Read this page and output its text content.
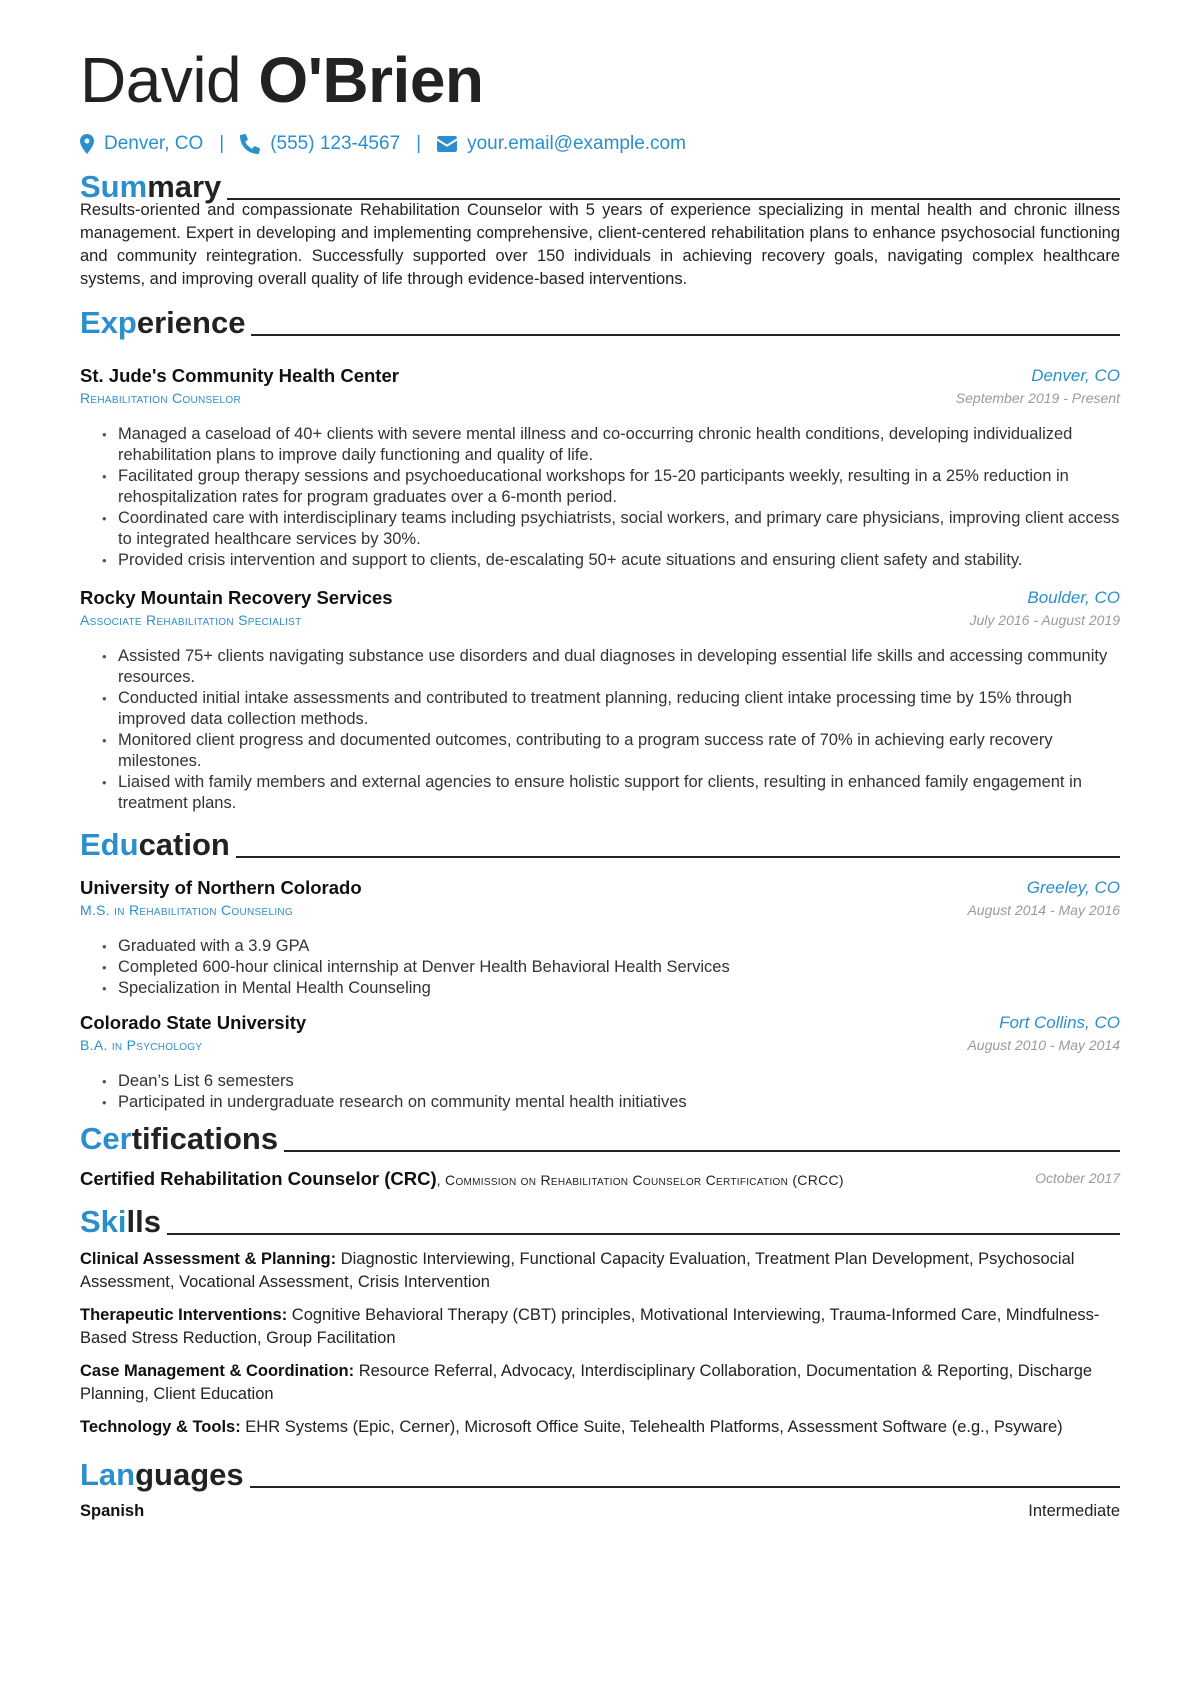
David O'Brien
Denver, CO | (555) 123-4567 | your.email@example.com
Summary
Results-oriented and compassionate Rehabilitation Counselor with 5 years of experience specializing in mental health and chronic illness management. Expert in developing and implementing comprehensive, client-centered rehabilitation plans to enhance psychosocial functioning and community reintegration. Successfully supported over 150 individuals in achieving recovery goals, navigating complex healthcare systems, and improving overall quality of life through evidence-based interventions.
Experience
St. Jude's Community Health Center	Denver, CO
Rehabilitation Counselor	September 2019 - Present
• Managed a caseload of 40+ clients with severe mental illness and co-occurring chronic health conditions, developing individualized rehabilitation plans to improve daily functioning and quality of life.
• Facilitated group therapy sessions and psychoeducational workshops for 15-20 participants weekly, resulting in a 25% reduction in rehospitalization rates for program graduates over a 6-month period.
• Coordinated care with interdisciplinary teams including psychiatrists, social workers, and primary care physicians, improving client access to integrated healthcare services by 30%.
• Provided crisis intervention and support to clients, de-escalating 50+ acute situations and ensuring client safety and stability.
Rocky Mountain Recovery Services	Boulder, CO
Associate Rehabilitation Specialist	July 2016 - August 2019
• Assisted 75+ clients navigating substance use disorders and dual diagnoses in developing essential life skills and accessing community resources.
• Conducted initial intake assessments and contributed to treatment planning, reducing client intake processing time by 15% through improved data collection methods.
• Monitored client progress and documented outcomes, contributing to a program success rate of 70% in achieving early recovery milestones.
• Liaised with family members and external agencies to ensure holistic support for clients, resulting in enhanced family engagement in treatment plans.
Education
University of Northern Colorado	Greeley, CO
M.S. in Rehabilitation Counseling	August 2014 - May 2016
• Graduated with a 3.9 GPA
• Completed 600-hour clinical internship at Denver Health Behavioral Health Services
• Specialization in Mental Health Counseling
Colorado State University	Fort Collins, CO
B.A. in Psychology	August 2010 - May 2014
• Dean’s List 6 semesters
• Participated in undergraduate research on community mental health initiatives
Certifications
Certified Rehabilitation Counselor (CRC), Commission on Rehabilitation Counselor Certification (CRCC)	October 2017
Skills
Clinical Assessment & Planning: Diagnostic Interviewing, Functional Capacity Evaluation, Treatment Plan Development, Psychosocial Assessment, Vocational Assessment, Crisis Intervention
Therapeutic Interventions: Cognitive Behavioral Therapy (CBT) principles, Motivational Interviewing, Trauma-Informed Care, Mindfulness-Based Stress Reduction, Group Facilitation
Case Management & Coordination: Resource Referral, Advocacy, Interdisciplinary Collaboration, Documentation & Reporting, Discharge Planning, Client Education
Technology & Tools: EHR Systems (Epic, Cerner), Microsoft Office Suite, Telehealth Platforms, Assessment Software (e.g., Psyware)
Languages
Spanish	Intermediate
